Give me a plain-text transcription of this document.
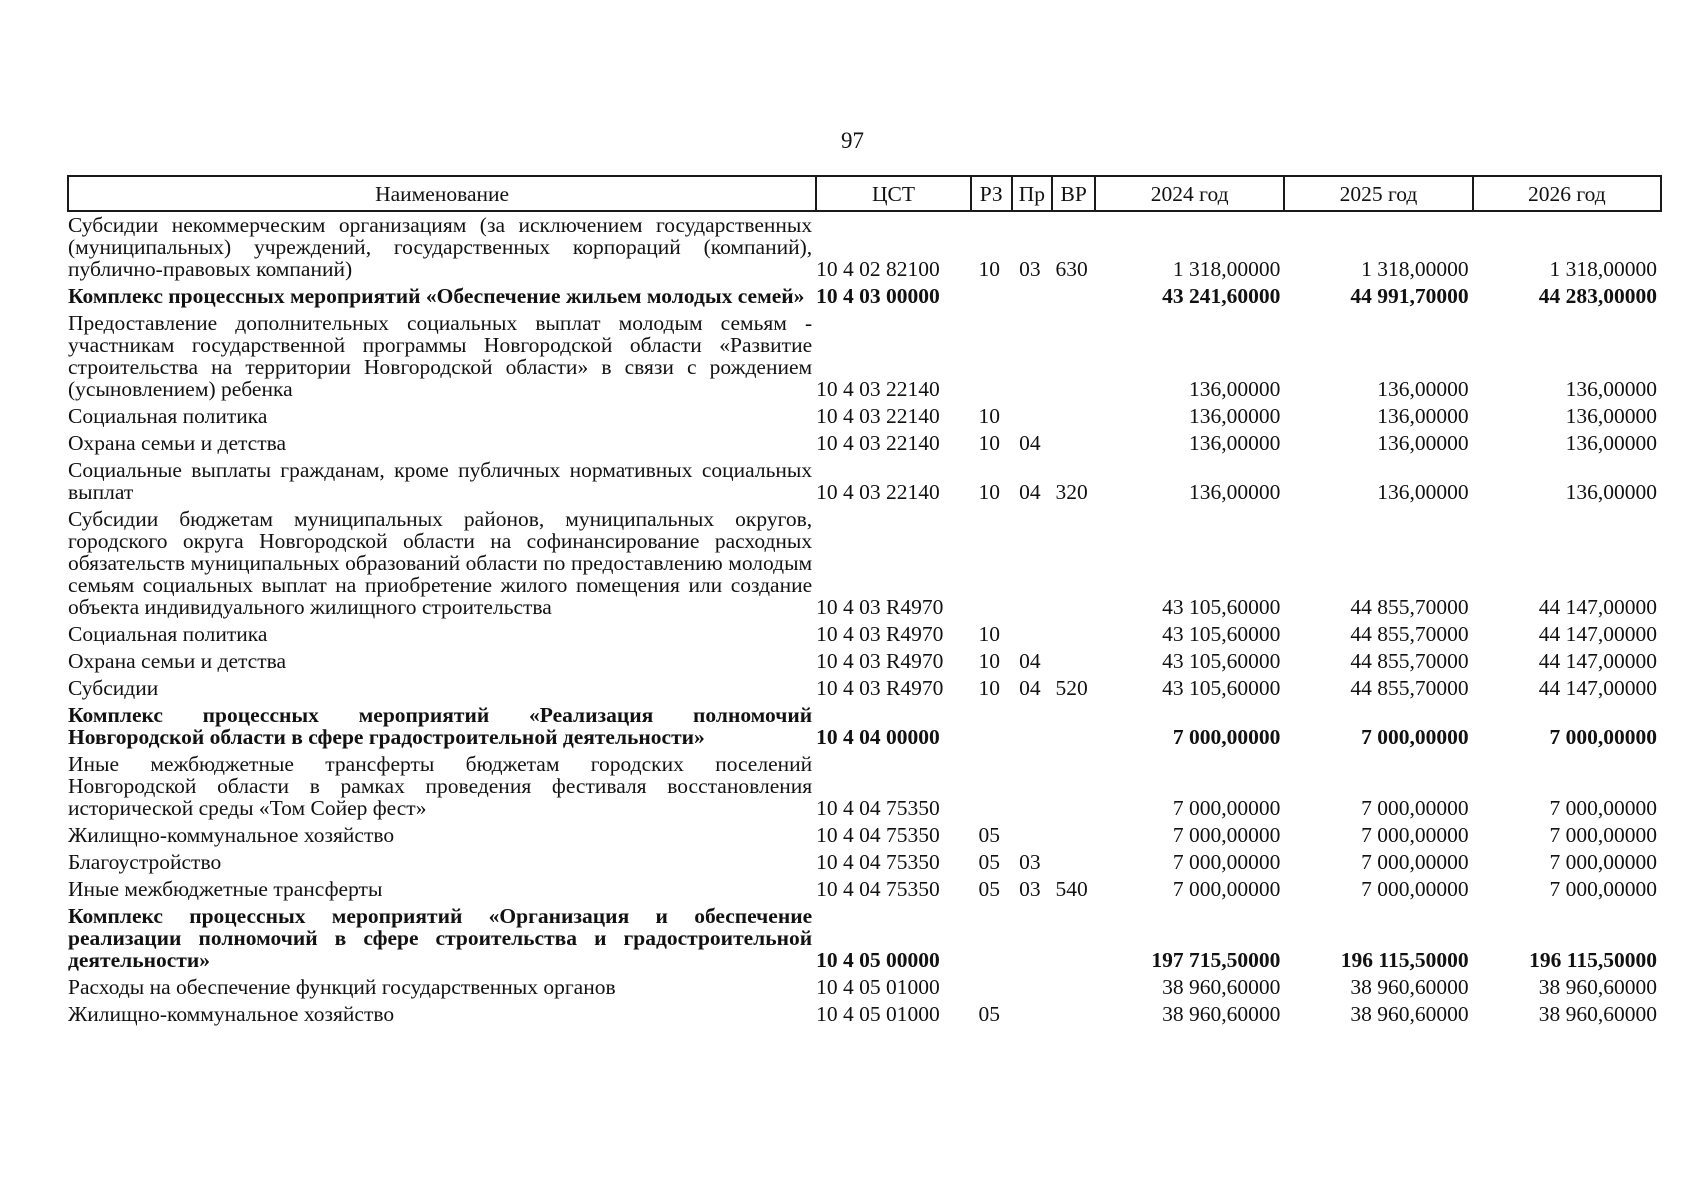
97
Наименование	ЦСТ	РЗ	Пр	ВР	2024 год	2025 год	2026 год
Субсидии некоммерческим организациям (за исключением государственных (муниципальных) учреждений, государственных корпораций (компаний), публично-правовых компаний)	10 4 02 82100	10	03	630	1 318,00000	1 318,00000	1 318,00000
Комплекс процессных мероприятий «Обеспечение жильем молодых семей»	10 4 03 00000				43 241,60000	44 991,70000	44 283,00000
Предоставление дополнительных социальных выплат молодым семьям - участникам государственной программы Новгородской области «Развитие строительства на территории Новгородской области» в связи с рождением (усыновлением) ребенка	10 4 03 22140				136,00000	136,00000	136,00000
Социальная политика	10 4 03 22140	10			136,00000	136,00000	136,00000
Охрана семьи и детства	10 4 03 22140	10	04		136,00000	136,00000	136,00000
Социальные выплаты гражданам, кроме публичных нормативных социальных выплат	10 4 03 22140	10	04	320	136,00000	136,00000	136,00000
Субсидии бюджетам муниципальных районов, муниципальных округов, городского округа Новгородской области на софинансирование расходных обязательств муниципальных образований области по предоставлению молодым семьям социальных выплат на приобретение жилого помещения или создание объекта индивидуального жилищного строительства	10 4 03 R4970				43 105,60000	44 855,70000	44 147,00000
Социальная политика	10 4 03 R4970	10			43 105,60000	44 855,70000	44 147,00000
Охрана семьи и детства	10 4 03 R4970	10	04		43 105,60000	44 855,70000	44 147,00000
Субсидии	10 4 03 R4970	10	04	520	43 105,60000	44 855,70000	44 147,00000
Комплекс процессных мероприятий «Реализация полномочий Новгородской области в сфере градостроительной деятельности»	10 4 04 00000				7 000,00000	7 000,00000	7 000,00000
Иные межбюджетные трансферты бюджетам городских поселений Новгородской области в рамках проведения фестиваля восстановления исторической среды «Том Сойер фест»	10 4 04 75350				7 000,00000	7 000,00000	7 000,00000
Жилищно-коммунальное хозяйство	10 4 04 75350	05			7 000,00000	7 000,00000	7 000,00000
Благоустройство	10 4 04 75350	05	03		7 000,00000	7 000,00000	7 000,00000
Иные межбюджетные трансферты	10 4 04 75350	05	03	540	7 000,00000	7 000,00000	7 000,00000
Комплекс процессных мероприятий «Организация и обеспечение реализации полномочий в сфере строительства и градостроительной деятельности»	10 4 05 00000				197 715,50000	196 115,50000	196 115,50000
Расходы на обеспечение функций государственных органов	10 4 05 01000				38 960,60000	38 960,60000	38 960,60000
Жилищно-коммунальное хозяйство	10 4 05 01000	05			38 960,60000	38 960,60000	38 960,60000
